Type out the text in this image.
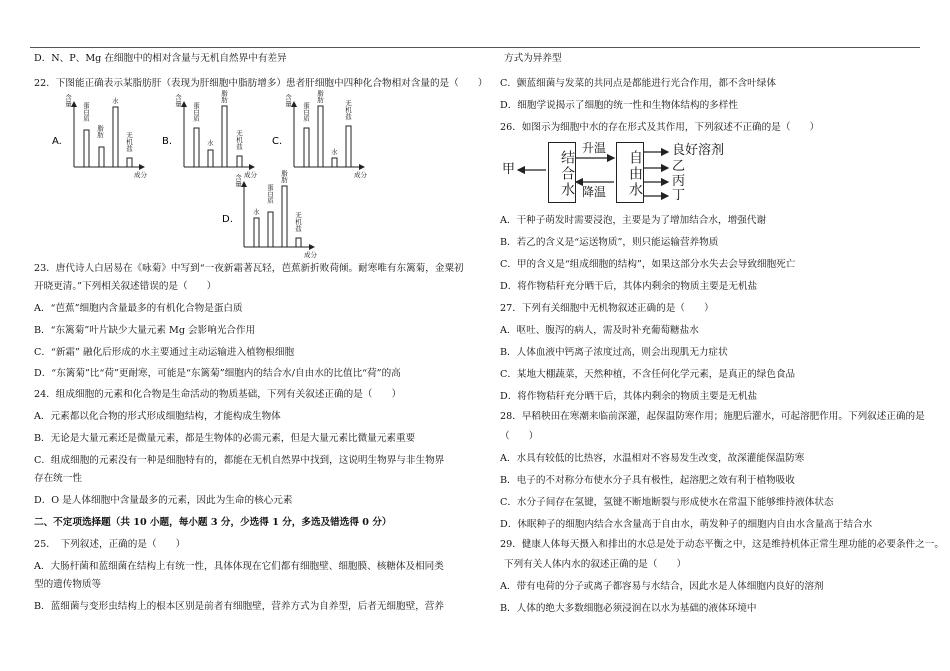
D．N、P、Mg 在细胞中的相对含量与无机自然界中有差异
22．下图能正确表示某脂肪肝（表现为肝细胞中脂肪增多）患者肝细胞中四种化合物相对含量的是（　　）
A.	B.	C.
D.
23．唐代诗人白居易在《咏菊》中写到“一夜新霜著瓦轻，芭蕉新折败荷倾。耐寒唯有东篱菊，金粟初
开晓更清。”下列相关叙述错误的是（　　）
A．“芭蕉”细胞内含量最多的有机化合物是蛋白质
B．“东篱菊”叶片缺少大量元素 Mg 会影响光合作用
C．“新霜” 融化后形成的水主要通过主动运输进入植物根细胞
D．“东篱菊”比“荷”更耐寒，可能是“东篱菊”细胞内的结合水/自由水的比值比“荷”的高
24．组成细胞的元素和化合物是生命活动的物质基础，下列有关叙述正确的是（　　）
A．元素都以化合物的形式形成细胞结构，才能构成生物体
B．无论是大量元素还是微量元素，都是生物体的必需元素，但是大量元素比微量元素重要
C．组成细胞的元素没有一种是细胞特有的，都能在无机自然界中找到，这说明生物界与非生物界
存在统一性
D．O 是人体细胞中含量最多的元素，因此为生命的核心元素
二、不定项选择题（共 10 小题，每小题 3 分，少选得 1 分，多选及错选得 0 分）
25．　下列叙述，正确的是（　　）
A．大肠杆菌和蓝细菌在结构上有统一性，具体体现在它们都有细胞壁、细胞膜、核糖体及相同类
型的遗传物质等
B．蓝细菌与变形虫结构上的根本区别是前者有细胞壁，营养方式为自养型，后者无细胞壁，营养
方式为异养型
C．颤蓝细菌与发菜的共同点是都能进行光合作用，都不含叶绿体
D．细胞学说揭示了细胞的统一性和生物体结构的多样性
26．如图示为细胞中水的存在形式及其作用，下列叙述不正确的是（　　）
甲	结合水
升温
降温	自由水 良好溶剂
乙
丙
丁
A．干种子萌发时需要浸泡，主要是为了增加结合水，增强代谢
B．若乙的含义是“运送物质”，则只能运输营养物质
C．甲的含义是“组成细胞的结构”，如果这部分水失去会导致细胞死亡
D．将作物秸秆充分晒干后，其体内剩余的物质主要是无机盐
27．下列有关细胞中无机物叙述正确的是（　　）
A．呕吐、腹泻的病人，需及时补充葡萄糖盐水
B．人体血液中钙离子浓度过高，则会出现肌无力症状
C．某地大棚蔬菜，天然种植，不含任何化学元素，是真正的绿色食品
D．将作物秸秆充分晒干后，其体内剩余的物质主要是无机盐
28．早稻秧田在寒潮来临前深灌，起保温防寒作用；施肥后灌水，可起溶肥作用。下列叙述正确的是
（　　）
A．水具有较低的比热容，水温相对不容易发生改变，故深灌能保温防寒
B．电子的不对称分布使水分子具有极性，起溶肥之效有利于植物吸收
C．水分子间存在氢键，氢键不断地断裂与形成使水在常温下能够维持液体状态
D．休眠种子的细胞内结合水含量高于自由水，萌发种子的细胞内自由水含量高于结合水
29．健康人体每天摄入和排出的水总是处于动态平衡之中，这是维持机体正常生理功能的必要条件之一。
下列有关人体内水的叙述正确的是（　　）
A．带有电荷的分子或离子都容易与水结合，因此水是人体细胞内良好的溶剂
B．人体的绝大多数细胞必须浸润在以水为基础的液体环境中
含量
蛋白质
脂肪
水
无机盐
成分
含量
蛋白质
水
脂肪
无机盐
成分
含量
蛋白质
脂肪
水
无机盐
成分
含量
水
蛋白质
脂肪
无机盐
成分
